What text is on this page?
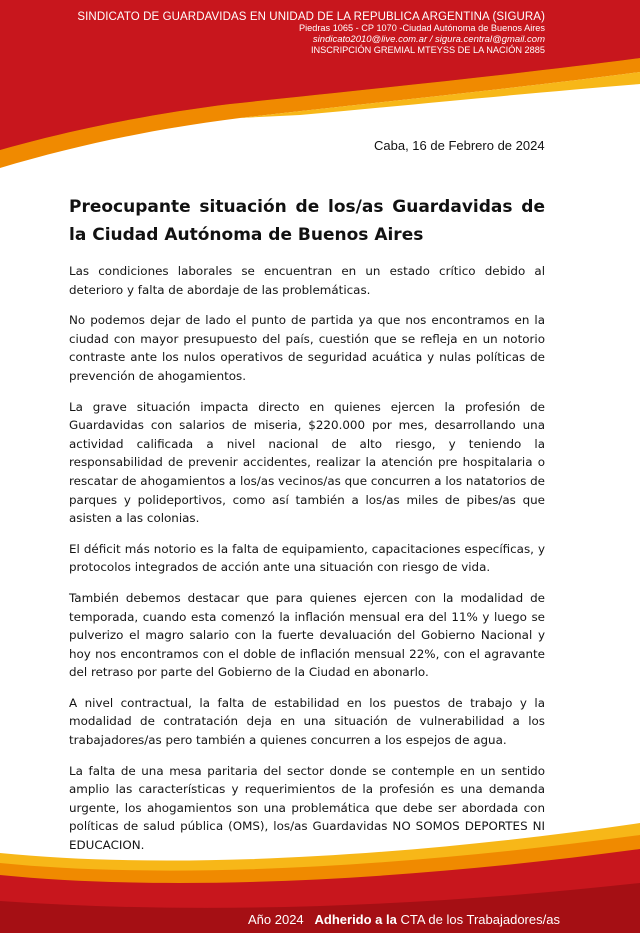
SINDICATO DE GUARDAVIDAS EN UNIDAD DE LA REPUBLICA ARGENTINA (SIGURA)
Piedras 1065 - CP 1070 -Ciudad Autónoma de Buenos Aires
sindicato2010@live.com.ar / sigura.central@gmail.com
INSCRIPCIÓN GREMIAL MTEYSS DE LA NACIÓN 2885
Caba, 16 de Febrero de 2024
Preocupante situación de los/as Guardavidas de la Ciudad Autónoma de Buenos Aires

Las condiciones laborales se encuentran en un estado crítico debido al deterioro y falta de abordaje de las problemáticas.

No podemos dejar de lado el punto de partida ya que nos encontramos en la ciudad con mayor presupuesto del país, cuestión que se refleja en un notorio contraste ante los nulos operativos de seguridad acuática y nulas políticas de prevención de ahogamientos.

La grave situación impacta directo en quienes ejercen la profesión de Guardavidas con salarios de miseria, $220.000 por mes, desarrollando una actividad calificada a nivel nacional de alto riesgo, y teniendo la responsabilidad de prevenir accidentes, realizar la atención pre hospitalaria o rescatar de ahogamientos a los/as vecinos/as que concurren a los natatorios de parques y polideportivos, como así también a los/as miles de pibes/as que asisten a las colonias.

El déficit más notorio es la falta de equipamiento, capacitaciones específicas, y protocolos integrados de acción ante una situación con riesgo de vida.

También debemos destacar que para quienes ejercen con la modalidad de temporada, cuando esta comenzó la inflación mensual era del 11% y luego se pulverizo el magro salario con la fuerte devaluación del Gobierno Nacional y hoy nos encontramos con el doble de inflación mensual 22%, con el agravante del retraso por parte del Gobierno de la Ciudad en abonarlo.

A nivel contractual, la falta de estabilidad en los puestos de trabajo y la modalidad de contratación deja en una situación de vulnerabilidad a los trabajadores/as pero también a quienes concurren a los espejos de agua.

La falta de una mesa paritaria del sector donde se contemple en un sentido amplio las características y requerimientos de la profesión es una demanda urgente, los ahogamientos son una problemática que debe ser abordada con políticas de salud pública (OMS), los/as Guardavidas NO SOMOS DEPORTES NI EDUCACION.

Año 2024 Adherido a la CTA de los Trabajadores/as
